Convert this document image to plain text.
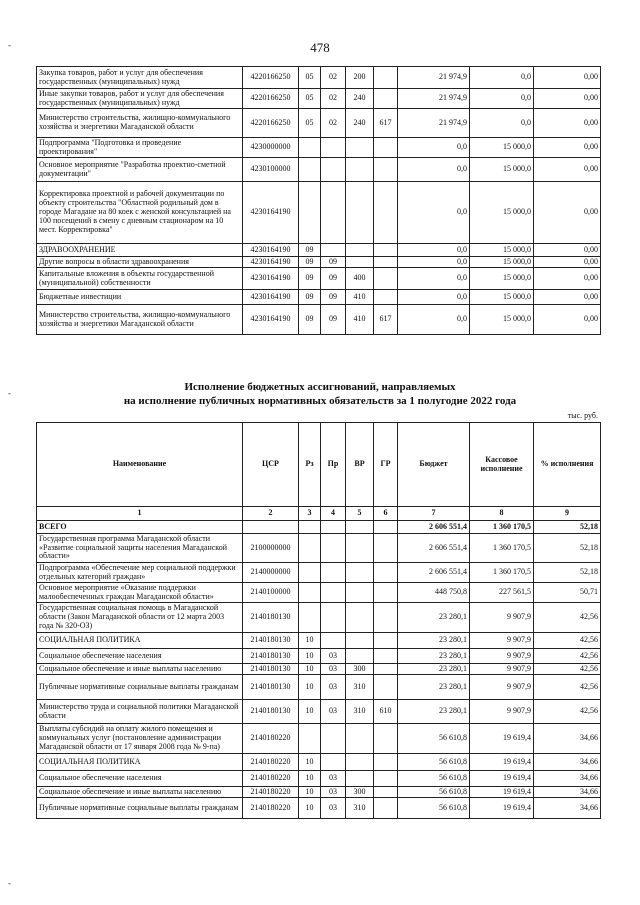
478
-
-
-
Закупка товаров, работ и услуг для обеспечения государственных (муниципальных) нужд	4220166250	05	02	200		21 974,9	0,0	0,00
Иные закупки товаров, работ и услуг для обеспечения государственных (муниципальных) нужд	4220166250	05	02	240		21 974,9	0,0	0,00
Министерство строительства, жилищно-коммунального хозяйства и энергетики Магаданской области	4220166250	05	02	240	617	21 974,9	0,0	0,00
Подпрограмма "Подготовка и проведение проектирования"	4230000000					0,0	15 000,0	0,00
Основное мероприятие "Разработка проектно-сметной документации"	4230100000					0,0	15 000,0	0,00
Корректировка проектной и рабочей документации по объекту строительства "Областной родильный дом в городе Магадане на 80 коек с женской консультацией на 100 посещений в смену с дневным стационаром на 10 мест. Корректировка"	4230164190					0,0	15 000,0	0,00
ЗДРАВООХРАНЕНИЕ	4230164190	09				0,0	15 000,0	0,00
Другие вопросы в области здравоохранения	4230164190	09	09			0,0	15 000,0	0,00
Капитальные вложения в объекты государственной (муниципальной) собственности	4230164190	09	09	400		0,0	15 000,0	0,00
Бюджетные инвестиции	4230164190	09	09	410		0,0	15 000,0	0,00
Министерство строительства, жилищно-коммунального хозяйства и энергетики Магаданской области	4230164190	09	09	410	617	0,0	15 000,0	0,00
Исполнение бюджетных ассигнований, направляемых
на исполнение публичных нормативных обязательств за 1 полугодие 2022 года
тыс. руб.
Наименование	ЦСР	Рз	Пр	ВР	ГР	Бюджет	Кассовое исполнение	% исполнения
1	2	3	4	5	6	7	8	9
ВСЕГО						2 606 551,4	1 360 170,5	52,18
Государственная программа Магаданской области «Развитие социальной защиты населения Магаданской области»	2100000000					2 606 551,4	1 360 170,5	52,18
Подпрограмма «Обеспечение мер социальной поддержки отдельных категорий граждан»	2140000000					2 606 551,4	1 360 170,5	52,18
Основное мероприятие «Оказание поддержки малообеспеченных граждан Магаданской области»	2140100000					448 750,8	227 561,5	50,71
Государственная социальная помощь в Магаданской области (Закон Магаданской области от 12 марта 2003 года № 320-ОЗ)	2140180130					23 280,1	9 907,9	42,56
СОЦИАЛЬНАЯ ПОЛИТИКА	2140180130	10				23 280,1	9 907,9	42,56
Социальное обеспечение населения	2140180130	10	03			23 280,1	9 907,9	42,56
Социальное обеспечение и иные выплаты населению	2140180130	10	03	300		23 280,1	9 907,9	42,56
Публичные нормативные социальные выплаты гражданам	2140180130	10	03	310		23 280,1	9 907,9	42,56
Министерство труда и социальной политики Магаданской области	2140180130	10	03	310	610	23 280,1	9 907,9	42,56
Выплаты субсидий на оплату жилого помещения и коммунальных услуг (постановление администрации Магаданской области от 17 января 2008 года № 9-па)	2140180220					56 610,8	19 619,4	34,66
СОЦИАЛЬНАЯ ПОЛИТИКА	2140180220	10				56 610,8	19 619,4	34,66
Социальное обеспечение населения	2140180220	10	03			56 610,8	19 619,4	34,66
Социальное обеспечение и иные выплаты населению	2140180220	10	03	300		56 610,8	19 619,4	34,66
Публичные нормативные социальные выплаты гражданам	2140180220	10	03	310		56 610,8	19 619,4	34,66
